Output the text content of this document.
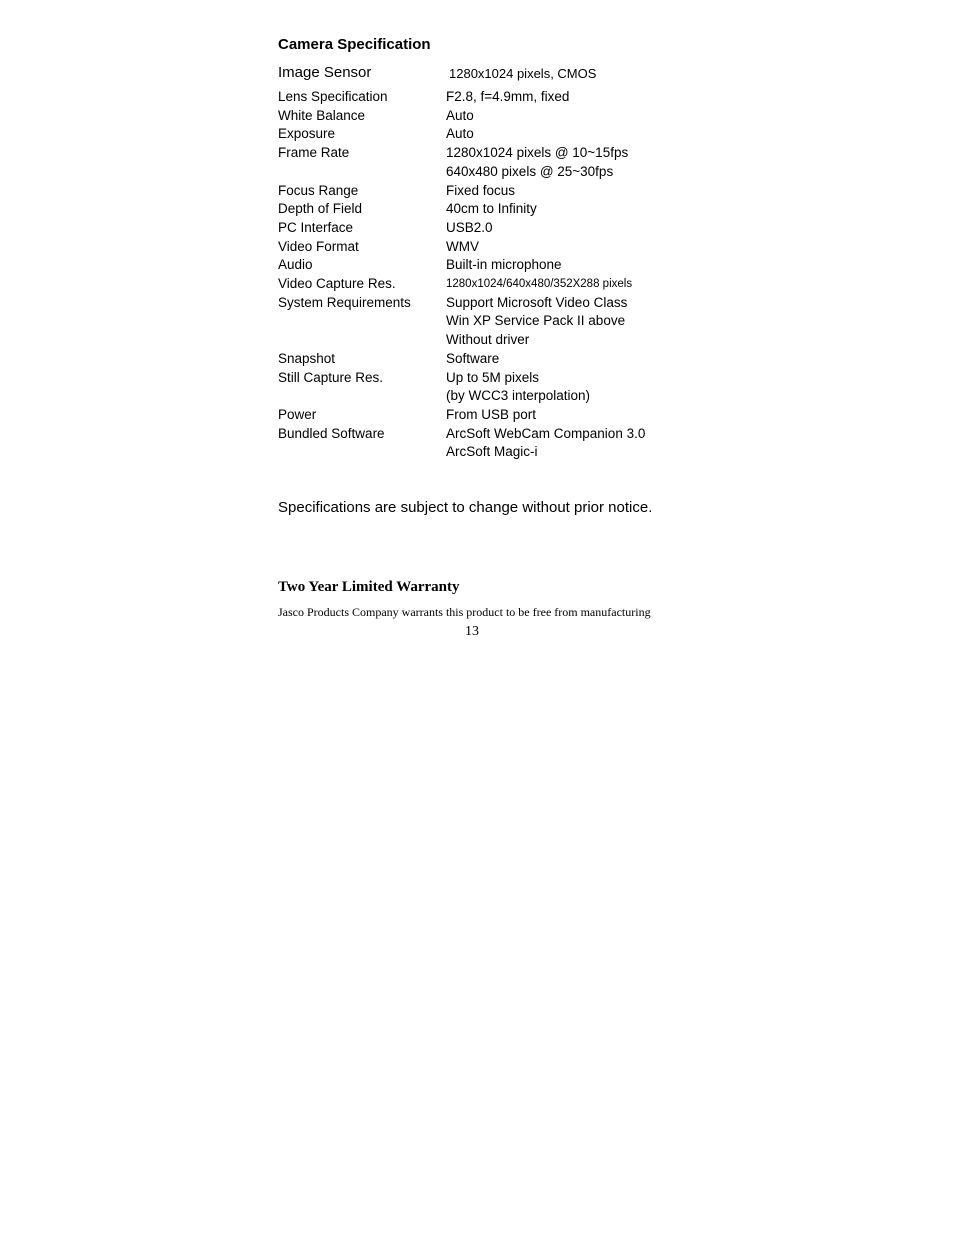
Camera Specification
Image Sensor	1280x1024 pixels, CMOS
Lens Specification	F2.8, f=4.9mm, fixed
White Balance	Auto
Exposure	Auto
Frame Rate	1280x1024 pixels @ 10~15fps
640x480 pixels @ 25~30fps
Focus Range	Fixed focus
Depth of Field	40cm to Infinity
PC Interface	USB2.0
Video Format	WMV
Audio	Built-in microphone
Video Capture Res.	1280x1024/640x480/352X288 pixels
System Requirements	Support Microsoft Video Class
Win XP Service Pack II above
Without driver
Snapshot	Software
Still Capture Res.	Up to 5M pixels
(by WCC3 interpolation)
Power	From USB port
Bundled Software	ArcSoft WebCam Companion 3.0
ArcSoft Magic-i
Specifications are subject to change without prior notice.
Two Year Limited Warranty
Jasco Products Company warrants this product to be free from manufacturing
13
